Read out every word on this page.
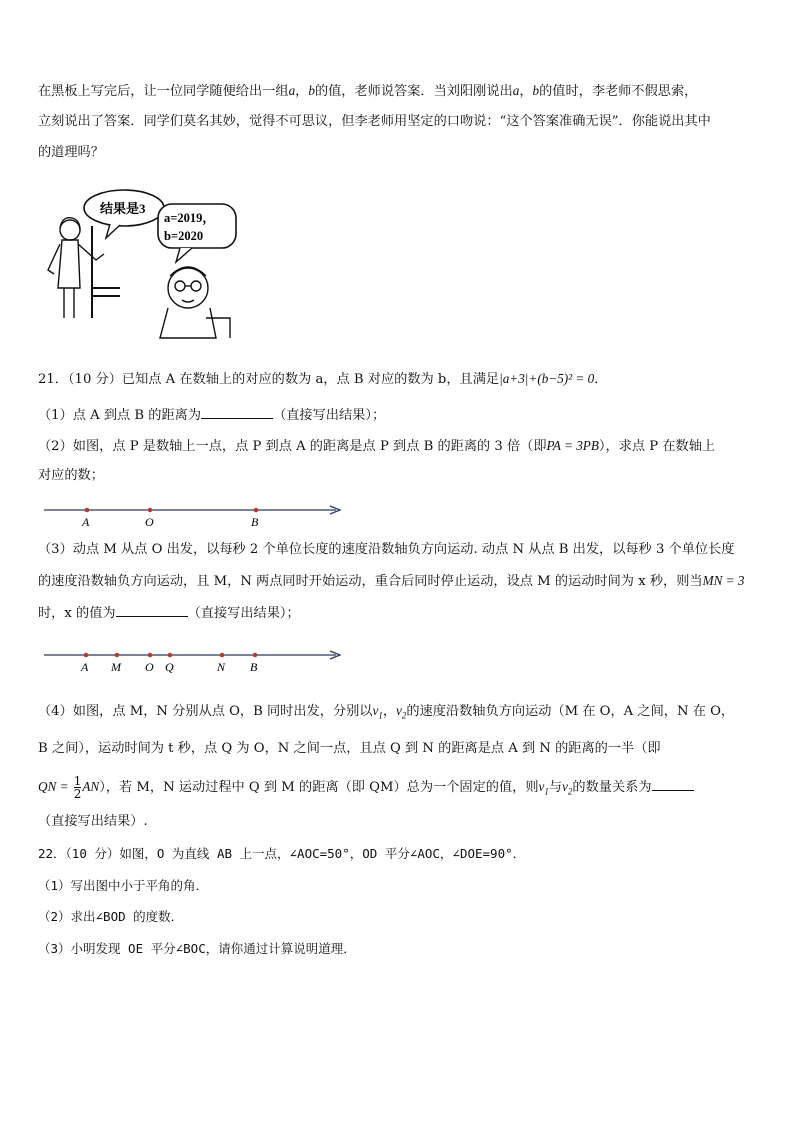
在黑板上写完后，让一位同学随便给出一组a，b的值，老师说答案．当刘阳刚说出a，b的值时，李老师不假思索，
立刻说出了答案．同学们莫名其妙，觉得不可思议，但李老师用坚定的口吻说：“这个答案准确无误”．你能说出其中
的道理吗？
结果是3
a=2019，
b=2020
21．（10 分）已知点 A 在数轴上的对应的数为 a，点 B 对应的数为 b，且满足|a+3|+(b−5)² = 0．
（1）点 A 到点 B 的距离为	（直接写出结果）；
（2）如图，点 P 是数轴上一点，点 P 到点 A 的距离是点 P 到点 B 的距离的 3 倍（即PA = 3PB），求点 P 在数轴上
对应的数；
A	O	B
（3）动点 M 从点 O 出发，以每秒 2 个单位长度的速度沿数轴负方向运动. 动点 N 从点 B 出发，以每秒 3 个单位长度
的速度沿数轴负方向运动，且 M，N 两点同时开始运动，重合后同时停止运动，设点 M 的运动时间为 x 秒，则当MN = 3
时，x 的值为	（直接写出结果）；
A M O Q	N B
（4）如图，点 M，N 分别从点 O，B 同时出发，分别以$v_1$，$v_2$的速度沿数轴负方向运动（M 在 O，A 之间，N 在 O，
B 之间），运动时间为 t 秒，点 Q 为 O，N 之间一点，且点 Q 到 N 的距离是点 A 到 N 的距离的一半（即
QN = $\frac{1}{2} AN$），若 M，N 运动过程中 Q 到 M 的距离（即 QM）总为一个固定的值，则$v_1$与$v_2$的数量关系为
（直接写出结果）.
22．（10 分）如图，O 为直线 AB 上一点，∠AOC=50°，OD 平分∠AOC，∠DOE=90°．
（1）写出图中小于平角的角．
（2）求出∠BOD 的度数．
（3）小明发现 OE 平分∠BOC，请你通过计算说明道理．
